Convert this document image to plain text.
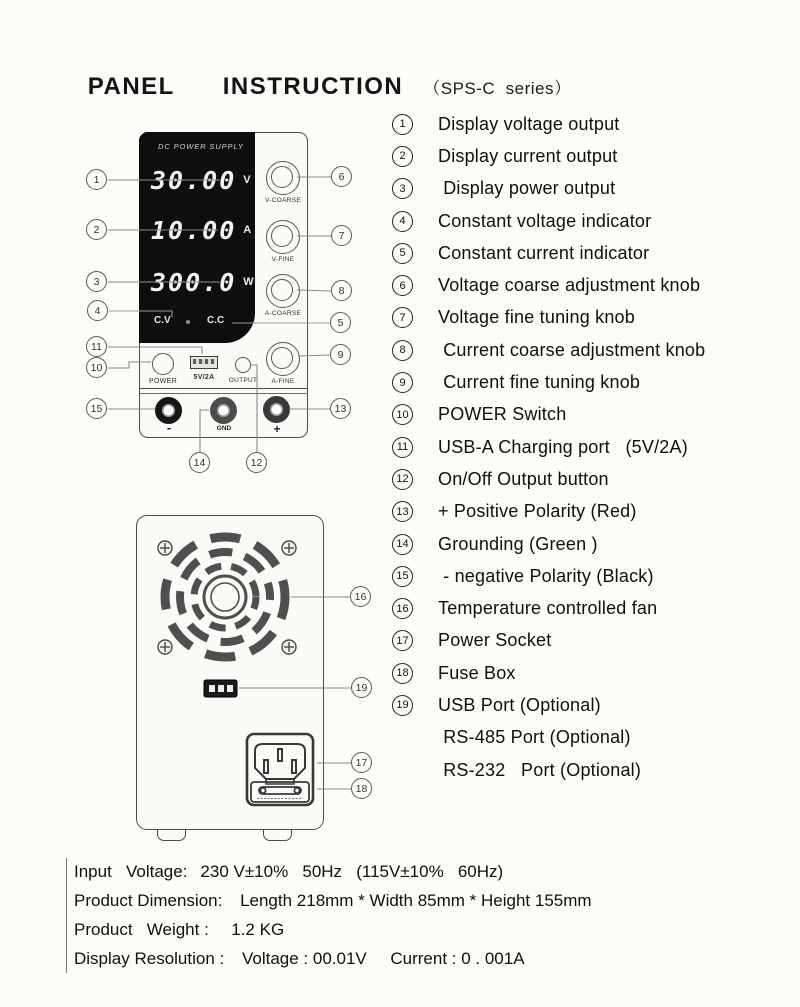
PANEL  INSTRUCTION （SPS-C  series）

DC POWER SUPPLY
30.00 V
10.00 A
300.0 W
C.V	C.C
V-COARSE
V-FINE
A-COARSE
A-FINE
POWER
5V/2A	OUTPUT
-	GND	+
1
2
3
4
5
6
7
8
9
10
11
12
13
14
15
16
17
18
19
1	Display voltage output
2	Display current output
3	Display power output
4	Constant voltage indicator
5	Constant current indicator
6	Voltage coarse adjustment knob
7	Voltage fine tuning knob
8	Current coarse adjustment knob
9	Current fine tuning knob
10 POWER Switch
11 USB-A Charging port   (5V/2A)
12 On/Off Output button
13 + Positive Polarity (Red)
14 Grounding (Green )
15 - negative Polarity (Black)
16 Temperature controlled fan
17 Power Socket
18 Fuse Box
19 USB Port (Optional)
RS-485 Port (Optional)
RS-232   Port (Optional)
Input   Voltage: 230 V±10%   50Hz   (115V±10%   60Hz)
Product Dimension: Length 218mm * Width 85mm * Height 155mm
Product   Weight : 1.2 KG
Display Resolution : Voltage : 00.01V     Current : 0 . 001A
